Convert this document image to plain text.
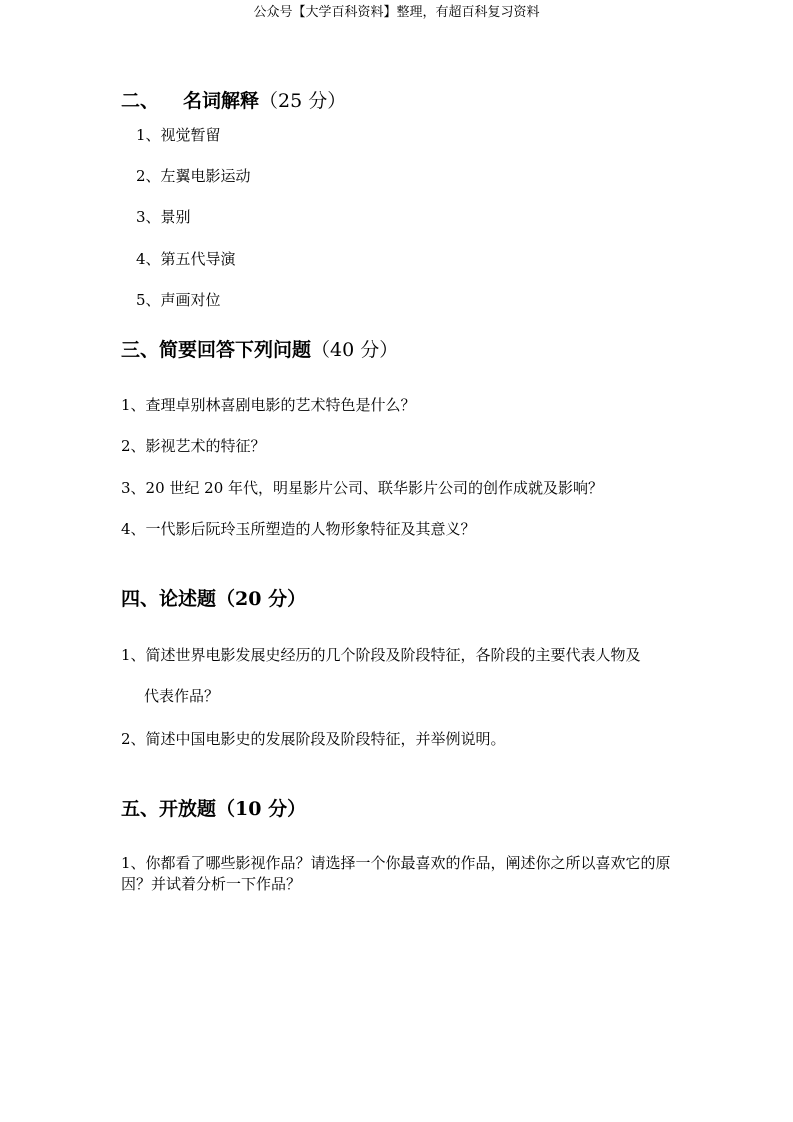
公众号【大学百科资料】整理，有超百科复习资料
二、 名词解释（25 分）
1、视觉暂留
2、左翼电影运动
3、景别
4、第五代导演
5、声画对位
三、简要回答下列问题（40 分）
1、查理卓别林喜剧电影的艺术特色是什么？
2、影视艺术的特征？
3、20 世纪 20 年代，明星影片公司、联华影片公司的创作成就及影响？
4、一代影后阮玲玉所塑造的人物形象特征及其意义？
四、论述题（20 分）
1、简述世界电影发展史经历的几个阶段及阶段特征，各阶段的主要代表人物及
代表作品？
2、简述中国电影史的发展阶段及阶段特征，并举例说明。
五、开放题（10 分）
1、你都看了哪些影视作品？请选择一个你最喜欢的作品，阐述你之所以喜欢它的原因？并试着分析一下作品？
